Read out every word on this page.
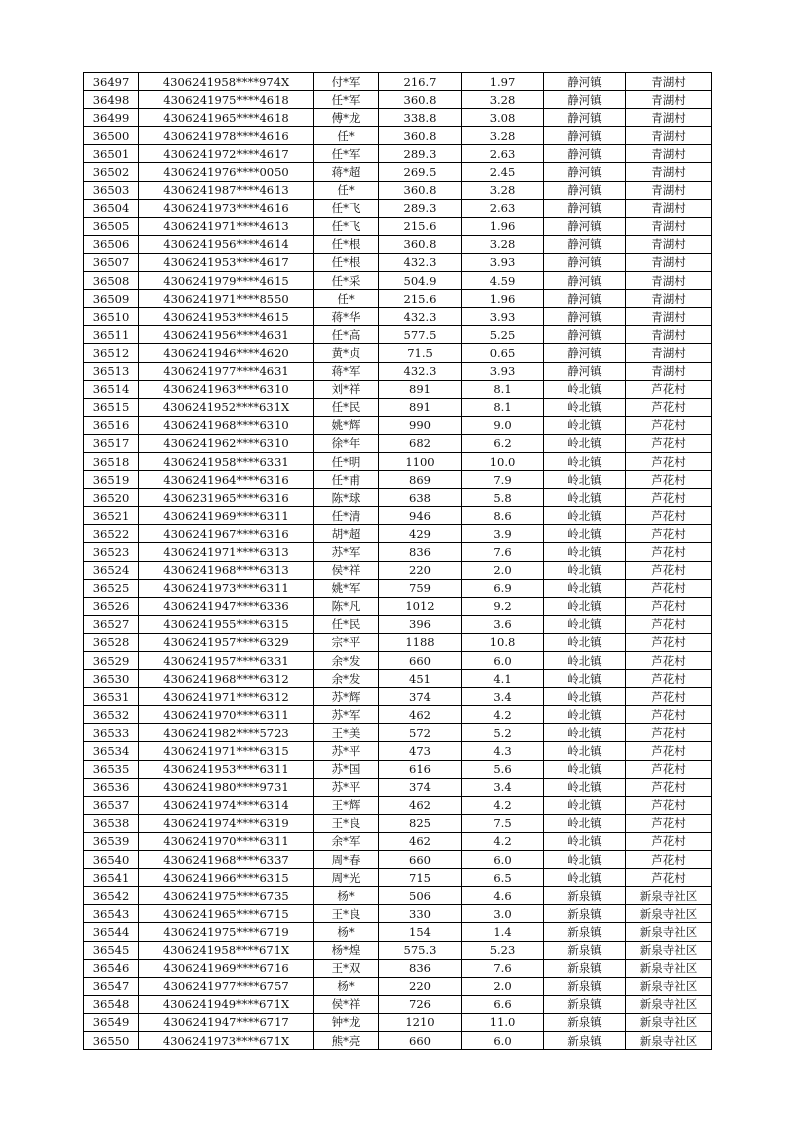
36497	4306241958****974X	付*军	216.7	1.97	静河镇	青湖村
36498	4306241975****4618	任*军	360.8	3.28	静河镇	青湖村
36499	4306241965****4618	傅*龙	338.8	3.08	静河镇	青湖村
36500	4306241978****4616	任*	360.8	3.28	静河镇	青湖村
36501	4306241972****4617	任*军	289.3	2.63	静河镇	青湖村
36502	4306241976****0050	蒋*超	269.5	2.45	静河镇	青湖村
36503	4306241987****4613	任*	360.8	3.28	静河镇	青湖村
36504	4306241973****4616	任*飞	289.3	2.63	静河镇	青湖村
36505	4306241971****4613	任*飞	215.6	1.96	静河镇	青湖村
36506	4306241956****4614	任*根	360.8	3.28	静河镇	青湖村
36507	4306241953****4617	任*根	432.3	3.93	静河镇	青湖村
36508	4306241979****4615	任*采	504.9	4.59	静河镇	青湖村
36509	4306241971****8550	任*	215.6	1.96	静河镇	青湖村
36510	4306241953****4615	蒋*华	432.3	3.93	静河镇	青湖村
36511	4306241956****4631	任*高	577.5	5.25	静河镇	青湖村
36512	4306241946****4620	黄*贞	71.5	0.65	静河镇	青湖村
36513	4306241977****4631	蒋*军	432.3	3.93	静河镇	青湖村
36514	4306241963****6310	刘*祥	891	8.1	岭北镇	芦花村
36515	4306241952****631X	任*民	891	8.1	岭北镇	芦花村
36516	4306241968****6310	姚*辉	990	9.0	岭北镇	芦花村
36517	4306241962****6310	徐*年	682	6.2	岭北镇	芦花村
36518	4306241958****6331	任*明	1100	10.0	岭北镇	芦花村
36519	4306241964****6316	任*甫	869	7.9	岭北镇	芦花村
36520	4306231965****6316	陈*球	638	5.8	岭北镇	芦花村
36521	4306241969****6311	任*清	946	8.6	岭北镇	芦花村
36522	4306241967****6316	胡*超	429	3.9	岭北镇	芦花村
36523	4306241971****6313	苏*军	836	7.6	岭北镇	芦花村
36524	4306241968****6313	侯*祥	220	2.0	岭北镇	芦花村
36525	4306241973****6311	姚*军	759	6.9	岭北镇	芦花村
36526	4306241947****6336	陈*凡	1012	9.2	岭北镇	芦花村
36527	4306241955****6315	任*民	396	3.6	岭北镇	芦花村
36528	4306241957****6329	宗*平	1188	10.8	岭北镇	芦花村
36529	4306241957****6331	余*发	660	6.0	岭北镇	芦花村
36530	4306241968****6312	余*发	451	4.1	岭北镇	芦花村
36531	4306241971****6312	苏*辉	374	3.4	岭北镇	芦花村
36532	4306241970****6311	苏*军	462	4.2	岭北镇	芦花村
36533	4306241982****5723	王*美	572	5.2	岭北镇	芦花村
36534	4306241971****6315	苏*平	473	4.3	岭北镇	芦花村
36535	4306241953****6311	苏*国	616	5.6	岭北镇	芦花村
36536	4306241980****9731	苏*平	374	3.4	岭北镇	芦花村
36537	4306241974****6314	王*辉	462	4.2	岭北镇	芦花村
36538	4306241974****6319	王*良	825	7.5	岭北镇	芦花村
36539	4306241970****6311	余*军	462	4.2	岭北镇	芦花村
36540	4306241968****6337	周*春	660	6.0	岭北镇	芦花村
36541	4306241966****6315	周*光	715	6.5	岭北镇	芦花村
36542	4306241975****6735	杨*	506	4.6	新泉镇	新泉寺社区
36543	4306241965****6715	王*良	330	3.0	新泉镇	新泉寺社区
36544	4306241975****6719	杨*	154	1.4	新泉镇	新泉寺社区
36545	4306241958****671X	杨*煌	575.3	5.23	新泉镇	新泉寺社区
36546	4306241969****6716	王*双	836	7.6	新泉镇	新泉寺社区
36547	4306241977****6757	杨*	220	2.0	新泉镇	新泉寺社区
36548	4306241949****671X	侯*祥	726	6.6	新泉镇	新泉寺社区
36549	4306241947****6717	钟*龙	1210	11.0	新泉镇	新泉寺社区
36550	4306241973****671X	熊*亮	660	6.0	新泉镇	新泉寺社区
